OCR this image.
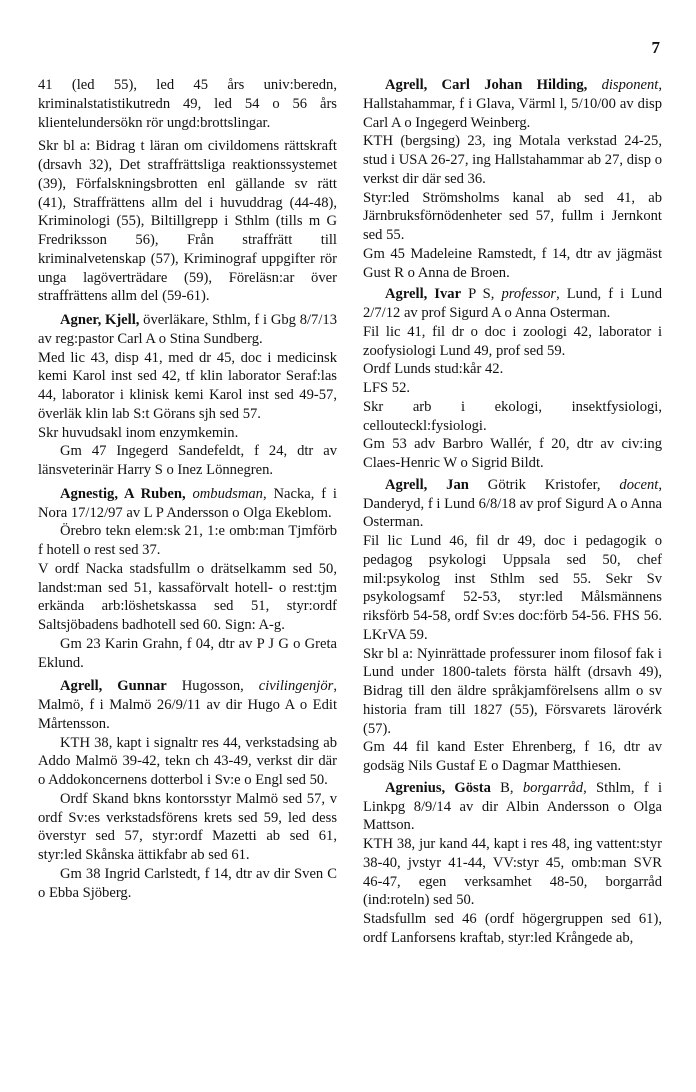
7

41 (led 55), led 45 års univ:beredn, kriminalstatistikutredn 49, led 54 o 56 års klientelundersökn rör ungd:brottslingar.

Skr bl a: Bidrag t läran om civildomens rättskraft (drsavh 32), Det straffrättsliga reaktionssystemet (39), Förfalskningsbrotten enl gällande sv rätt (41), Straffrättens allm del i huvuddrag (44-48), Kriminologi (55), Biltillgrepp i Sthlm (tills m G Fredriksson 56), Från straffrätt till kriminalvetenskap (57), Kriminograf uppgifter rör unga lagöverträdare (59), Föreläsn:ar över straffrättens allm del (59-61).

Agner, Kjell, överläkare, Sthlm, f i Gbg 8/7/13 av reg:pastor Carl A o Stina Sundberg.

Med lic 43, disp 41, med dr 45, doc i medicinsk kemi Karol inst sed 42, tf klin laborator Seraf:las 44, laborator i klinisk kemi Karol inst sed 49-57, överläk klin lab S:t Görans sjh sed 57.

Skr huvudsakl inom enzymkemin.

Gm 47 Ingegerd Sandefeldt, f 24, dtr av länsveterinär Harry S o Inez Lönnegren.

Agnestig, A Ruben, ombudsman, Nacka, f i Nora 17/12/97 av L P Andersson o Olga Ekeblom.

Örebro tekn elem:sk 21, 1:e omb:man Tjmförb f hotell o rest sed 37.

V ordf Nacka stadsfullm o drätselkamm sed 50, landst:man sed 51, kassaförvalt hotell- o rest:tjm erkända arb:löshetskassa sed 51, styr:ordf Saltsjöbadens badhotell sed 60. Sign: A-g.

Gm 23 Karin Grahn, f 04, dtr av P J G o Greta Eklund.

Agrell, Gunnar Hugosson, civilingenjör, Malmö, f i Malmö 26/9/11 av dir Hugo A o Edit Mårtensson.

KTH 38, kapt i signaltr res 44, verkstadsing ab Addo Malmö 39-42, tekn ch 43-49, verkst dir där o Addokoncernens dotterbol i Sv:e o Engl sed 50.

Ordf Skand bkns kontorsstyr Malmö sed 57, v ordf Sv:es verkstadsförens krets sed 59, led dess överstyr sed 57, styr:ordf Mazetti ab sed 61, styr:led Skånska ättikfabr ab sed 61.

Gm 38 Ingrid Carlstedt, f 14, dtr av dir Sven C o Ebba Sjöberg.

Agrell, Carl Johan Hilding, disponent, Hallstahammar, f i Glava, Värml l, 5/10/00 av disp Carl A o Ingegerd Weinberg.

KTH (bergsing) 23, ing Motala verkstad 24-25, stud i USA 26-27, ing Hallstahammar ab 27, disp o verkst dir där sed 36.

Styr:led Strömsholms kanal ab sed 41, ab Järnbruksförnödenheter sed 57, fullm i Jernkont sed 55.

Gm 45 Madeleine Ramstedt, f 14, dtr av jägmäst Gust R o Anna de Broen.

Agrell, Ivar P S, professor, Lund, f i Lund 2/7/12 av prof Sigurd A o Anna Osterman.

Fil lic 41, fil dr o doc i zoologi 42, laborator i zoofysiologi Lund 49, prof sed 59.

Ordf Lunds stud:kår 42.

LFS 52.

Skr arb i ekologi, insektfysiologi, cellouteckl:fysiologi.

Gm 53 adv Barbro Wallér, f 20, dtr av civ:ing Claes-Henric W o Sigrid Bildt.

Agrell, Jan Götrik Kristofer, docent, Danderyd, f i Lund 6/8/18 av prof Sigurd A o Anna Osterman.

Fil lic Lund 46, fil dr 49, doc i pedagogik o pedagog psykologi Uppsala sed 50, chef mil:psykolog inst Sthlm sed 55. Sekr Sv psykologsamf 52-53, styr:led Målsmännens riksförb 54-58, ordf Sv:es doc:förb 54-56. FHS 56. LKrVA 59.

Skr bl a: Nyinrättade professurer inom filosof fak i Lund under 1800-talets första hälft (drsavh 49), Bidrag till den äldre språkjamförelsens allm o sv historia fram till 1827 (55), Försvarets lärovérk (57).

Gm 44 fil kand Ester Ehrenberg, f 16, dtr av godsäg Nils Gustaf E o Dagmar Matthiesen.

Agrenius, Gösta B, borgarråd, Sthlm, f i Linkpg 8/9/14 av dir Albin Andersson o Olga Mattson.

KTH 38, jur kand 44, kapt i res 48, ing vattent:styr 38-40, jvstyr 41-44, VV:styr 45, omb:man SVR 46-47, egen verksamhet 48-50, borgarråd (ind:roteln) sed 50.

Stadsfullm sed 46 (ordf högergruppen sed 61), ordf Lanforsens kraftab, styr:led Krångede ab,
